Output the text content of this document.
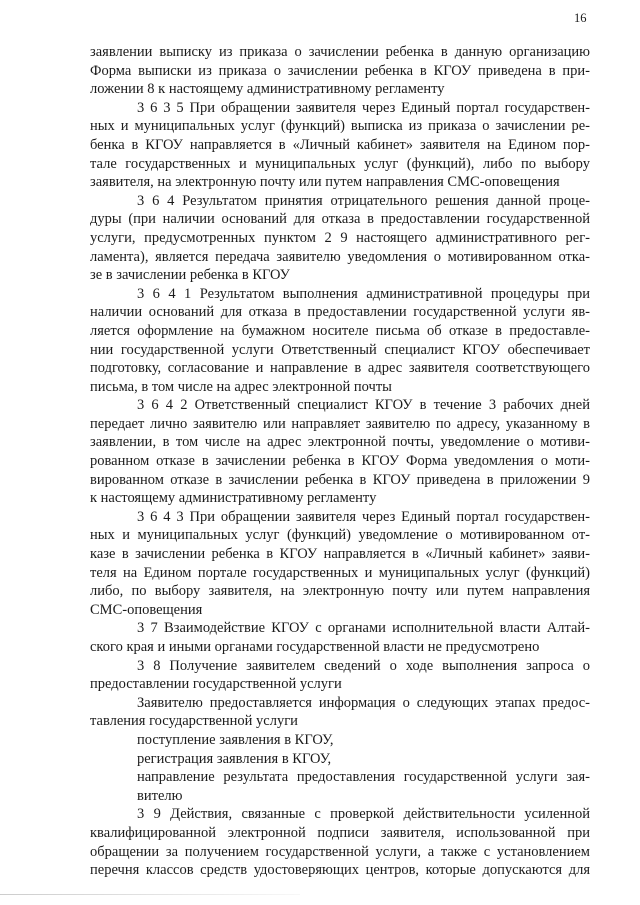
16
заявлении выписку из приказа о зачислении ребенка в данную организацию
Форма выписки из приказа о зачислении ребенка в КГОУ приведена в при-
ложении 8 к настоящему административному регламенту
3 6 3 5 При обращении заявителя через Единый портал государствен-
ных и муниципальных услуг (функций) выписка из приказа о зачислении ре-
бенка в КГОУ направляется в «Личный кабинет» заявителя на Едином пор-
тале государственных и муниципальных услуг (функций), либо по выбору
заявителя, на электронную почту или путем направления СМС-оповещения
3 6 4 Результатом принятия отрицательного решения данной проце-
дуры (при наличии оснований для отказа в предоставлении государственной
услуги, предусмотренных пунктом 2 9 настоящего административного рег-
ламента), является передача заявителю уведомления о мотивированном отка-
зе в зачислении ребенка в КГОУ
3 6 4 1 Результатом выполнения административной процедуры при
наличии оснований для отказа в предоставлении государственной услуги яв-
ляется оформление на бумажном носителе письма об отказе в предоставле-
нии государственной услуги Ответственный специалист КГОУ обеспечивает
подготовку, согласование и направление в адрес заявителя соответствующего
письма, в том числе на адрес электронной почты
3 6 4 2 Ответственный специалист КГОУ в течение 3 рабочих дней
передает лично заявителю или направляет заявителю по адресу, указанному в
заявлении, в том числе на адрес электронной почты, уведомление о мотиви-
рованном отказе в зачислении ребенка в КГОУ Форма уведомления о моти-
вированном отказе в зачислении ребенка в КГОУ приведена в приложении 9
к настоящему административному регламенту
3 6 4 3 При обращении заявителя через Единый портал государствен-
ных и муниципальных услуг (функций) уведомление о мотивированном от-
казе в зачислении ребенка в КГОУ направляется в «Личный кабинет» заяви-
теля на Едином портале государственных и муниципальных услуг (функций)
либо, по выбору заявителя, на электронную почту или путем направления
СМС-оповещения
3 7 Взаимодействие КГОУ с органами исполнительной власти Алтай-
ского края и иными органами государственной власти не предусмотрено
3 8 Получение заявителем сведений о ходе выполнения запроса о
предоставлении государственной услуги
Заявителю предоставляется информация о следующих этапах предос-
тавления государственной услуги
поступление заявления в КГОУ,
регистрация заявления в КГОУ,
направление результата предоставления государственной услуги зая-
вителю
3 9 Действия, связанные с проверкой действительности усиленной
квалифицированной электронной подписи заявителя, использованной при
обращении за получением государственной услуги, а также с установлением
перечня классов средств удостоверяющих центров, которые допускаются для
